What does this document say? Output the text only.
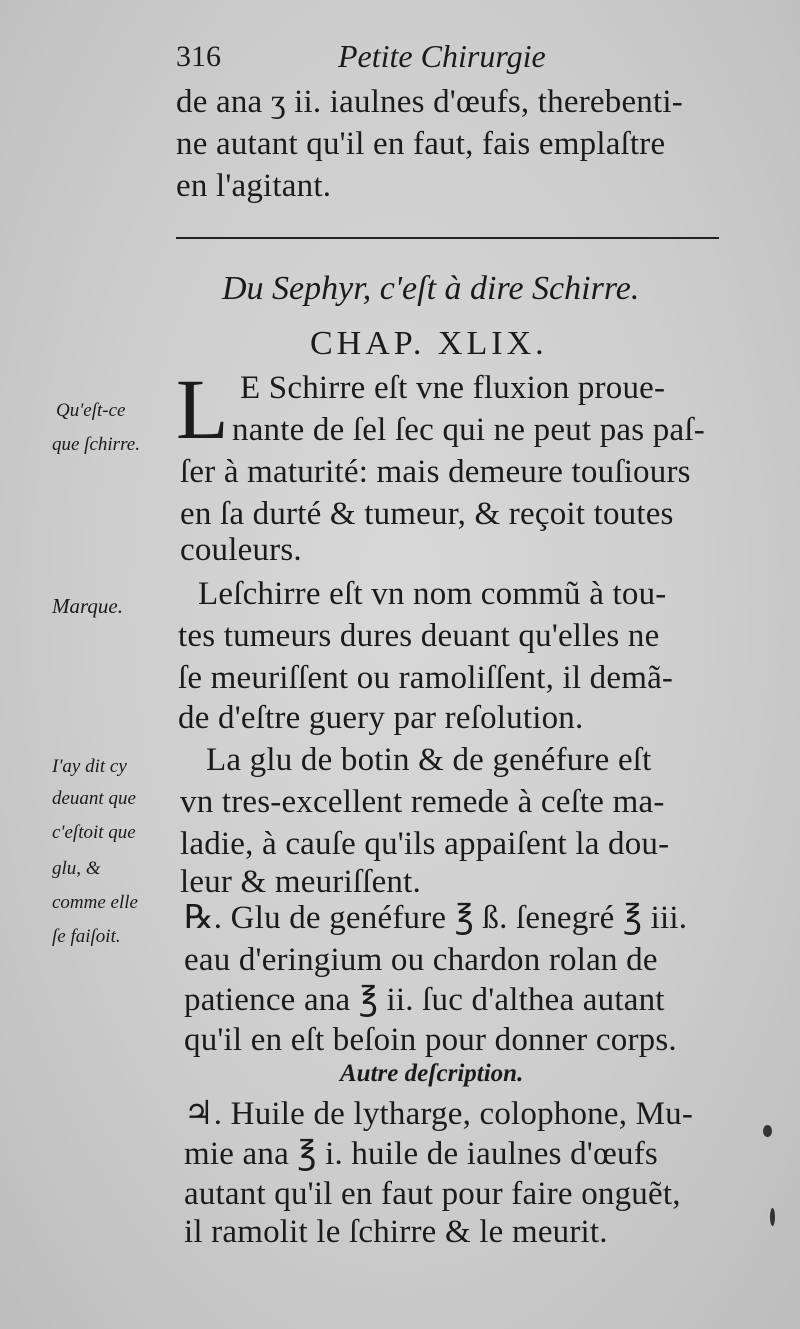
316	Petite Chirurgie
de ana ʒ ii. iaulnes d'œufs, therebenti-
ne autant qu'il en faut, fais emplaſtre
en l'agitant.
Du Sephyr, c'eſt à dire Schirre.
CHAP. XLIX.
L E Schirre eſt vne fluxion proue-
nante de ſel ſec qui ne peut pas paſ-
ſer à maturité: mais demeure touſiours
en ſa durté & tumeur, & reçoit toutes
couleurs.
Leſchirre eſt vn nom commũ à tou-
tes tumeurs dures deuant qu'elles ne
ſe meuriſſent ou ramoliſſent, il demã-
de d'eſtre guery par reſolution.
La glu de botin & de genéfure eſt
vn tres-excellent remede à ceſte ma-
ladie, à cauſe qu'ils appaiſent la dou-
leur & meuriſſent.
℞. Glu de genéfure ℥ ß. ſenegré ℥ iii.
eau d'eringium ou chardon rolan de
patience ana ℥ ii. ſuc d'althea autant
qu'il en eſt beſoin pour donner corps.
Autre deſcription.
♃. Huile de lytharge, colophone, Mu-
mie ana ℥ i. huile de iaulnes d'œufs
autant qu'il en faut pour faire onguẽt,
il ramolit le ſchirre & le meurit.
Qu'eſt-ce
que ſchirre.
Marque.
I'ay dit cy
deuant que
c'eſtoit que
glu, &
comme elle
ſe faiſoit.
